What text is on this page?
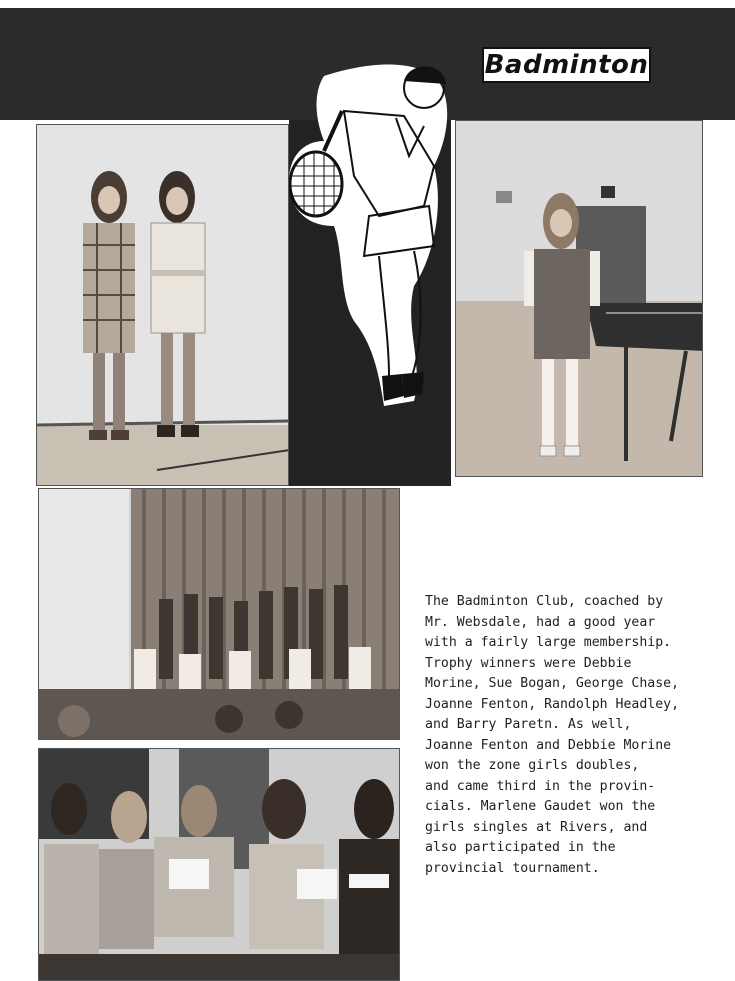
Badminton
The Badminton Club, coached by
Mr. Websdale, had a good year
with a fairly large membership.
Trophy winners were Debbie
Morine, Sue Bogan, George Chase,
Joanne Fenton, Randolph Headley,
and Barry Paretn. As well,
Joanne Fenton and Debbie Morine
won the zone girls doubles,
and came third in the provin-
cials. Marlene Gaudet won the
girls singles at Rivers, and
also participated in the
provincial tournament.
